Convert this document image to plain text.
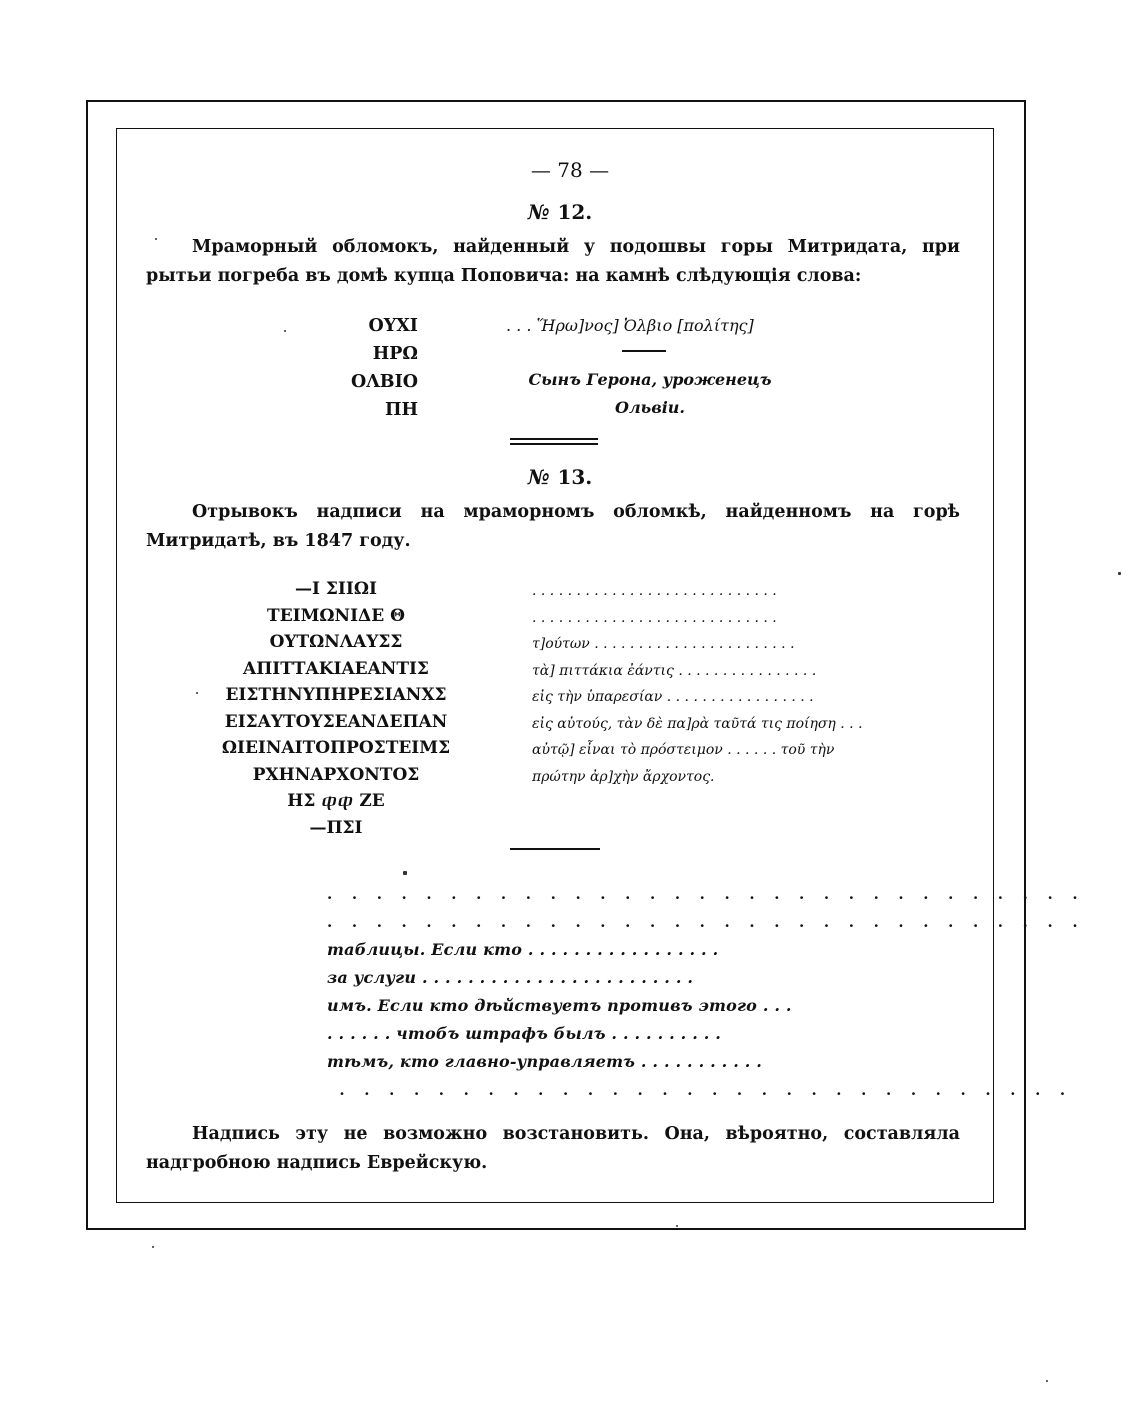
— 78 —
№ 12.
Мраморный обломокъ, найденный у подошвы горы Митридата, при рытьи погреба въ домѣ купца Поповича: на камнѣ слѣдующія слова:
OΥΧΙ
ΗΡΩ
ΟΛΒΙΟ
ΠΗ
. . . Ἥρω]νος] Ὀλβιο [πολίτης]
Сынъ Герона, уроженецъ
Ольвіи.
№ 13.
Отрывокъ надписи на мраморномъ обломкѣ, найденномъ на горѣ Митридатѣ, въ 1847 году.
—Ι ΣΙΙΩΙ
ΤΕΙΜΩΝΙΔΕ Θ
ΟΥΤΩΝΛΑΥΣΣ
ΑΠΙΤΤΑΚΙΑΕΑΝΤΙΣ
ΕΙΣΤΗΝΥΠΗΡΕΣΙΑΝΧΣ
ΕΙΣΑΥΤΟΥΣΕΑΝΔΕΠΑΝ
ΩΙΕΙΝΑΙΤΟΠΡΟΣΤΕΙΜΣ
ΡΧΗΝΑΡΧΟΝΤΟΣ
ΗΣ ⴔⴔ ΖΕ
—ΠΣΙ
. . . . . . . . . . . . . . . . . . . . . . . . . . . .
. . . . . . . . . . . . . . . . . . . . . . . . . . . .
τ]ούτων . . . . . . . . . . . . . . . . . . . . . . .
τὰ] πιττάκια ἐάντις . . . . . . . . . . . . . . . .
εἰς τὴν ὑπαρεσίαν . . . . . . . . . . . . . . . . .
εἰς αὐτούς, τὰν δὲ πα]ρὰ ταῦτά τις ποίηση . . .
αὐτῷ] εἶναι τὸ πρόστειμον . . . . . . τοῦ τὴν
πρώτην ἀρ]χὴν ἄρχοντος.
. . . . . . . . . . . . . . . . . . . . . . . . . . . . . . .
. . . . . . . . . . . . . . . . . . . . . . . . . . . . . . .
таблицы. Если кто . . . . . . . . . . . . . . . . .
за услуги . . . . . . . . . . . . . . . . . . . . . . . .
имъ. Если кто дѣйствуетъ противъ этого . . .
. . . . . . чтобъ штрафъ былъ . . . . . . . . . .
тѣмъ, кто главно-управляетъ . . . . . . . . . . .
. . . . . . . . . . . . . . . . . . . . . . . . . . . . . .
Надпись эту не возможно возстановить. Она, вѣроятно, составляла надгробною надпись Еврейскую.
